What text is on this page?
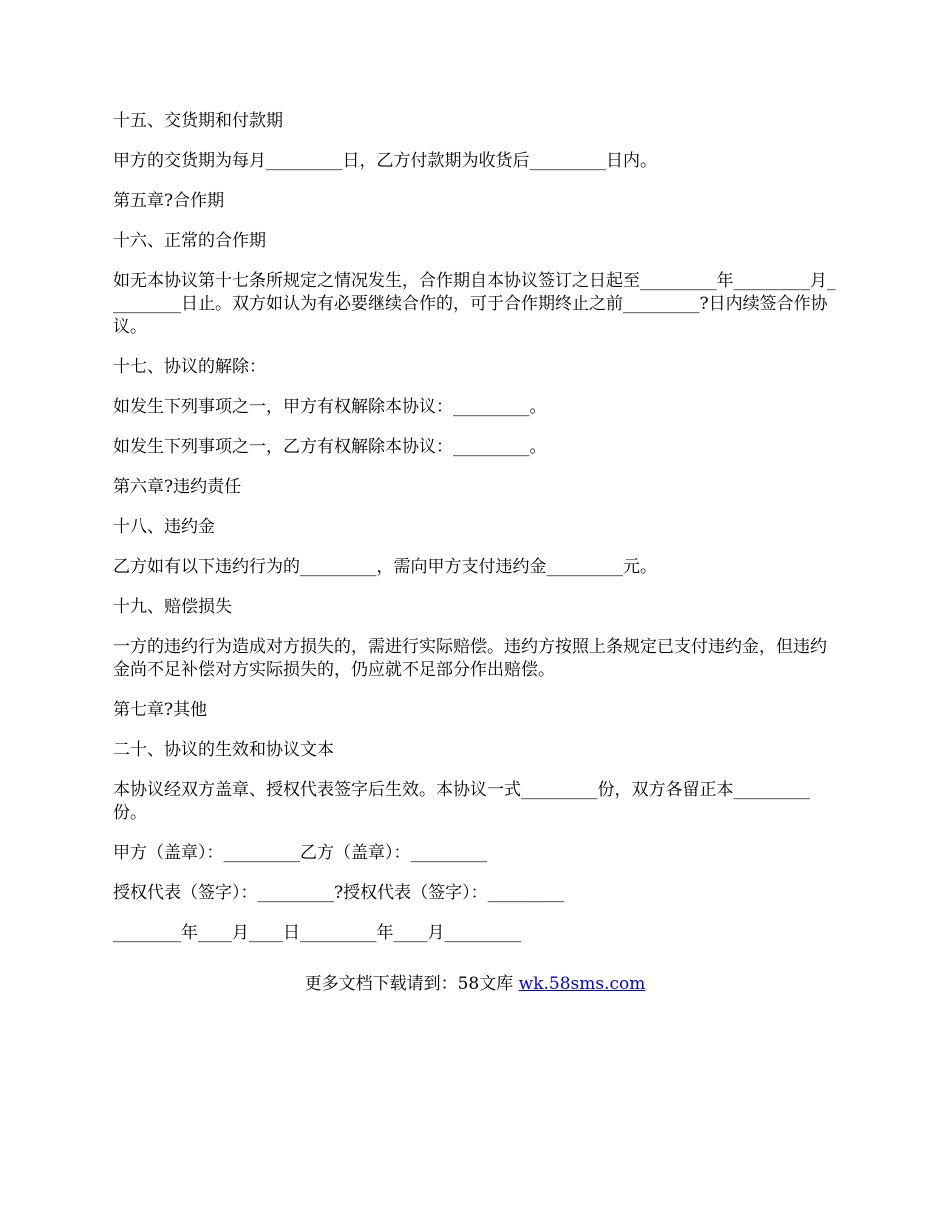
十五、交货期和付款期

甲方的交货期为每月_________日，乙方付款期为收货后_________日内。

第五章?合作期

十六、正常的合作期

如无本协议第十七条所规定之情况发生，合作期自本协议签订之日起至_________年_________月_________日止。双方如认为有必要继续合作的，可于合作期终止之前_________?日内续签合作协议。

十七、协议的解除：

如发生下列事项之一，甲方有权解除本协议：_________。

如发生下列事项之一，乙方有权解除本协议：_________。

第六章?违约责任

十八、违约金

乙方如有以下违约行为的_________，需向甲方支付违约金_________元。

十九、赔偿损失

一方的违约行为造成对方损失的，需进行实际赔偿。违约方按照上条规定已支付违约金，但违约金尚不足补偿对方实际损失的，仍应就不足部分作出赔偿。

第七章?其他

二十、协议的生效和协议文本

本协议经双方盖章、授权代表签字后生效。本协议一式_________份，双方各留正本_________份。

甲方（盖章）：_________乙方（盖章）：_________

授权代表（签字）：_________?授权代表（签字）：_________

________年____月____日_________年____月_________

更多文档下载请到：58文库 wk.58sms.com
